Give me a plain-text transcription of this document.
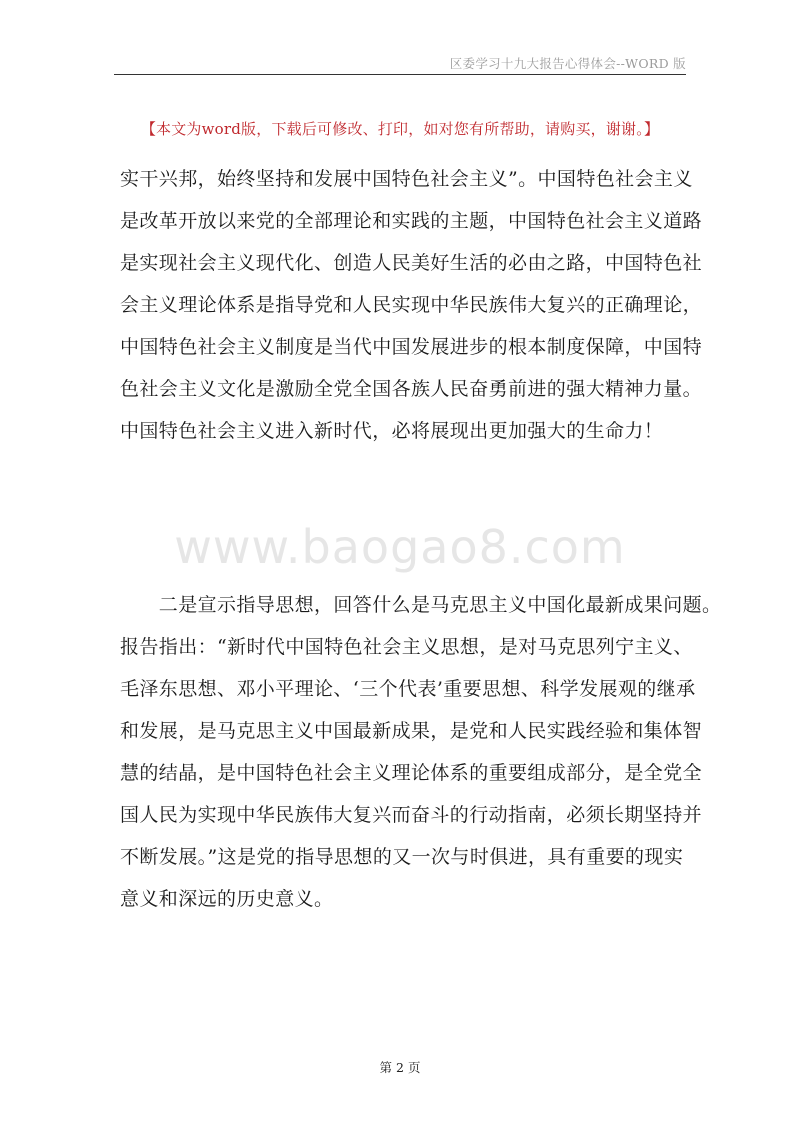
区委学习十九大报告心得体会--WORD 版
【本文为word版，下载后可修改、打印，如对您有所帮助，请购买，谢谢。】

实干兴邦，始终坚持和发展中国特色社会主义”。中国特色社会主义
是改革开放以来党的全部理论和实践的主题，中国特色社会主义道路
是实现社会主义现代化、创造人民美好生活的必由之路，中国特色社
会主义理论体系是指导党和人民实现中华民族伟大复兴的正确理论，
中国特色社会主义制度是当代中国发展进步的根本制度保障，中国特
色社会主义文化是激励全党全国各族人民奋勇前进的强大精神力量。
中国特色社会主义进入新时代，必将展现出更加强大的生命力！

www.baogao8.com

　　二是宣示指导思想，回答什么是马克思主义中国化最新成果问题。
报告指出：“新时代中国特色社会主义思想，是对马克思列宁主义、
毛泽东思想、邓小平理论、‘三个代表’重要思想、科学发展观的继承
和发展，是马克思主义中国最新成果，是党和人民实践经验和集体智
慧的结晶，是中国特色社会主义理论体系的重要组成部分，是全党全
国人民为实现中华民族伟大复兴而奋斗的行动指南，必须长期坚持并
不断发展。”这是党的指导思想的又一次与时俱进，具有重要的现实
意义和深远的历史意义。

第 2 页
